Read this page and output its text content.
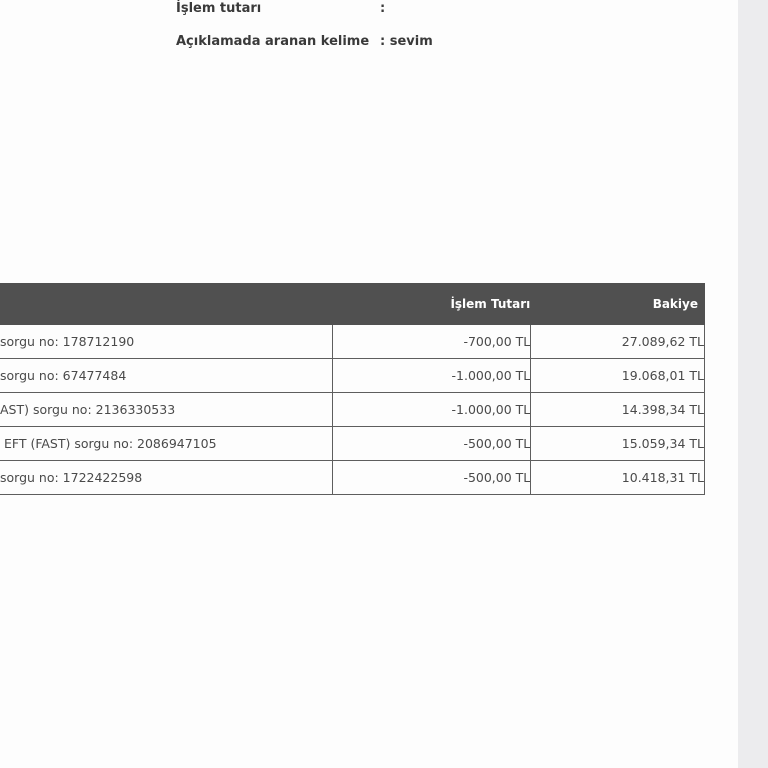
İşlem tutarı	:
Açıklamada aranan kelime : sevim
	İşlem Tutarı	Bakiye
sorgu no: 178712190	-700,00 TL	27.089,62 TL
sorgu no: 67477484	-1.000,00 TL	19.068,01 TL
AST) sorgu no: 2136330533	-1.000,00 TL	14.398,34 TL
EFT (FAST) sorgu no: 2086947105	-500,00 TL	15.059,34 TL
sorgu no: 1722422598	-500,00 TL	10.418,31 TL
